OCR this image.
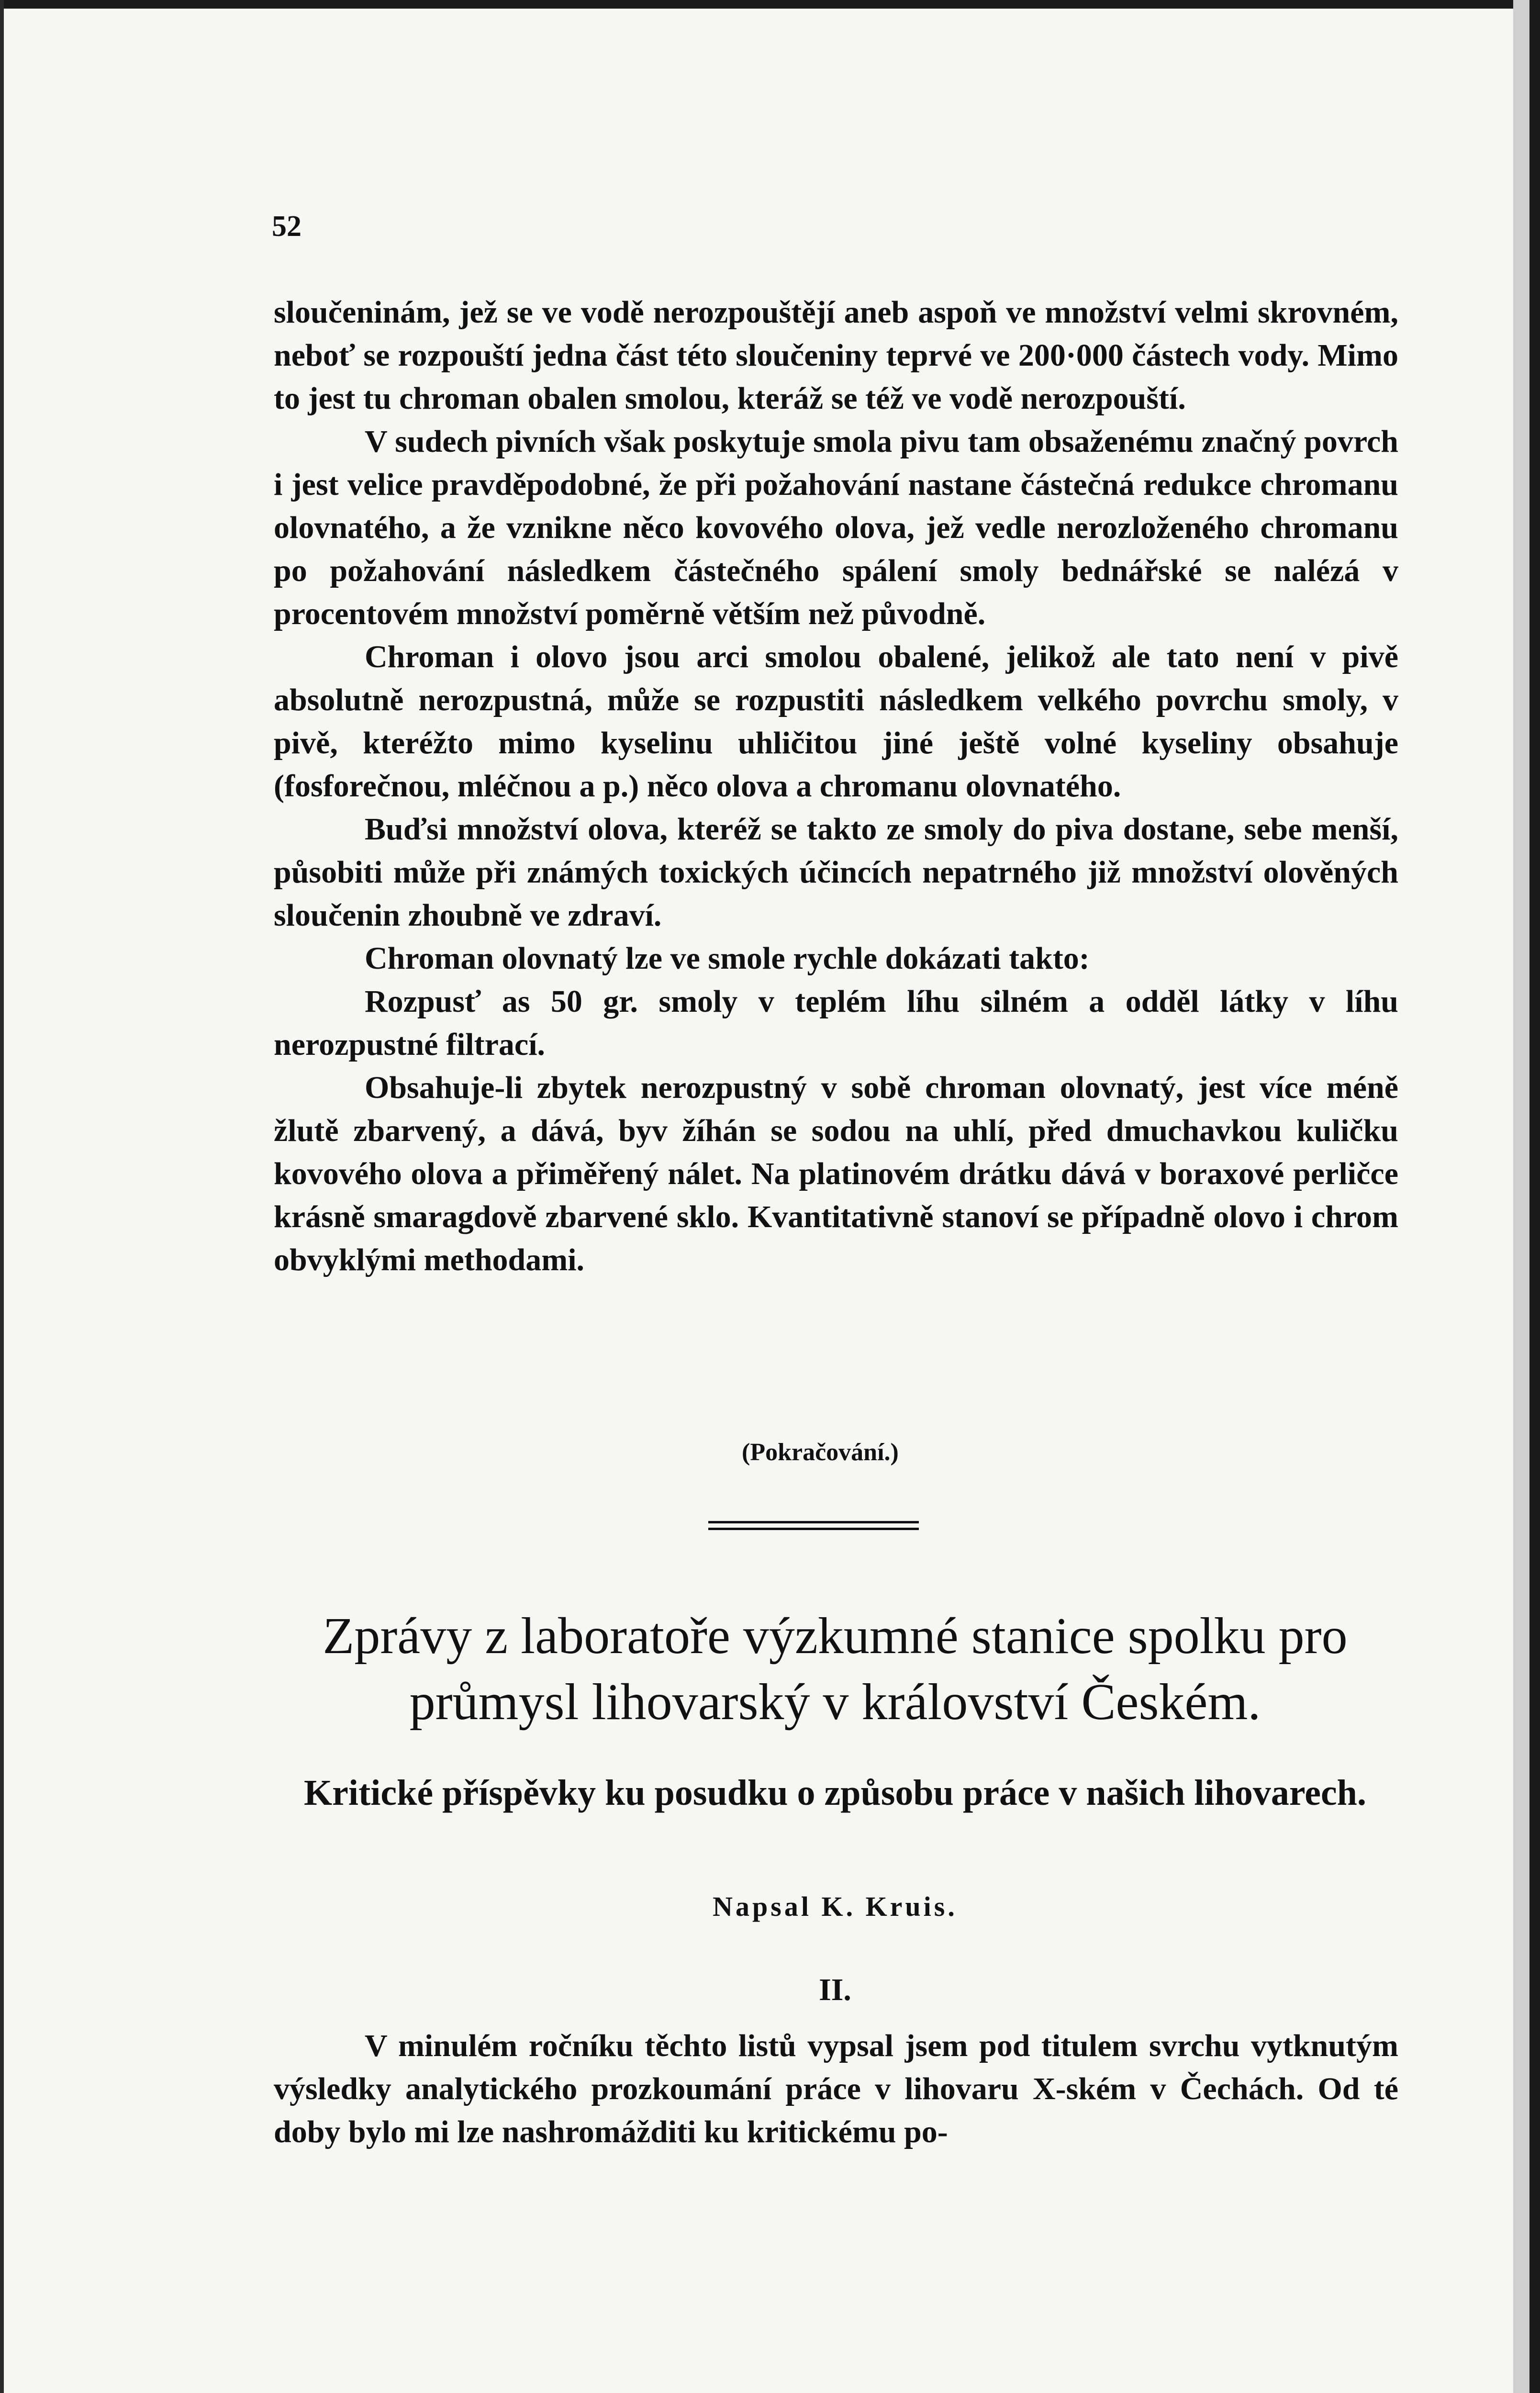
52

sloučeninám, jež se ve vodě nerozpouštějí aneb aspoň ve množství velmi skrovném, neboť se rozpouští jedna část této sloučeniny teprvé ve 200·000 částech vody. Mimo to jest tu chroman obalen smolou, kteráž se též ve vodě nerozpouští.

V sudech pivních však poskytuje smola pivu tam obsaženému značný povrch i jest velice pravděpodobné, že při požahování nastane částečná redukce chromanu olovnatého, a že vznikne něco kovového olova, jež vedle nerozloženého chromanu po požahování následkem částečného spálení smoly bednářské se nalézá v procentovém množství poměrně větším než původně.

Chroman i olovo jsou arci smolou obalené, jelikož ale tato není v pivě absolutně nerozpustná, může se rozpustiti následkem velkého povrchu smoly, v pivě, kteréžto mimo kyselinu uhličitou jiné ještě volné kyseliny obsahuje (fosforečnou, mléčnou a p.) něco olova a chromanu olovnatého.

Buďsi množství olova, kteréž se takto ze smoly do piva dostane, sebe menší, působiti může při známých toxických účincích nepatrného již množství olověných sloučenin zhoubně ve zdraví.

Chroman olovnatý lze ve smole rychle dokázati takto:

Rozpusť as 50 gr. smoly v teplém líhu silném a odděl látky v líhu nerozpustné filtrací.

Obsahuje-li zbytek nerozpustný v sobě chroman olovnatý, jest více méně žlutě zbarvený, a dává, byv žíhán se sodou na uhlí, před dmuchavkou kuličku kovového olova a přiměřený nálet. Na platinovém drátku dává v boraxové perličce krásně smaragdově zbarvené sklo. Kvantitativně stanoví se případně olovo i chrom obvyklými methodami.

(Pokračování.)
Zprávy z laboratoře výzkumné stanice spolku pro průmysl lihovarský v království Českém.
Kritické příspěvky ku posudku o způsobu práce v našich lihovarech.
Napsal K. Kruis.
II.

V minulém ročníku těchto listů vypsal jsem pod titulem svrchu vytknutým výsledky analytického prozkoumání práce v lihovaru X-ském v Čechách. Od té doby bylo mi lze nashromážditi ku kritickému po-
